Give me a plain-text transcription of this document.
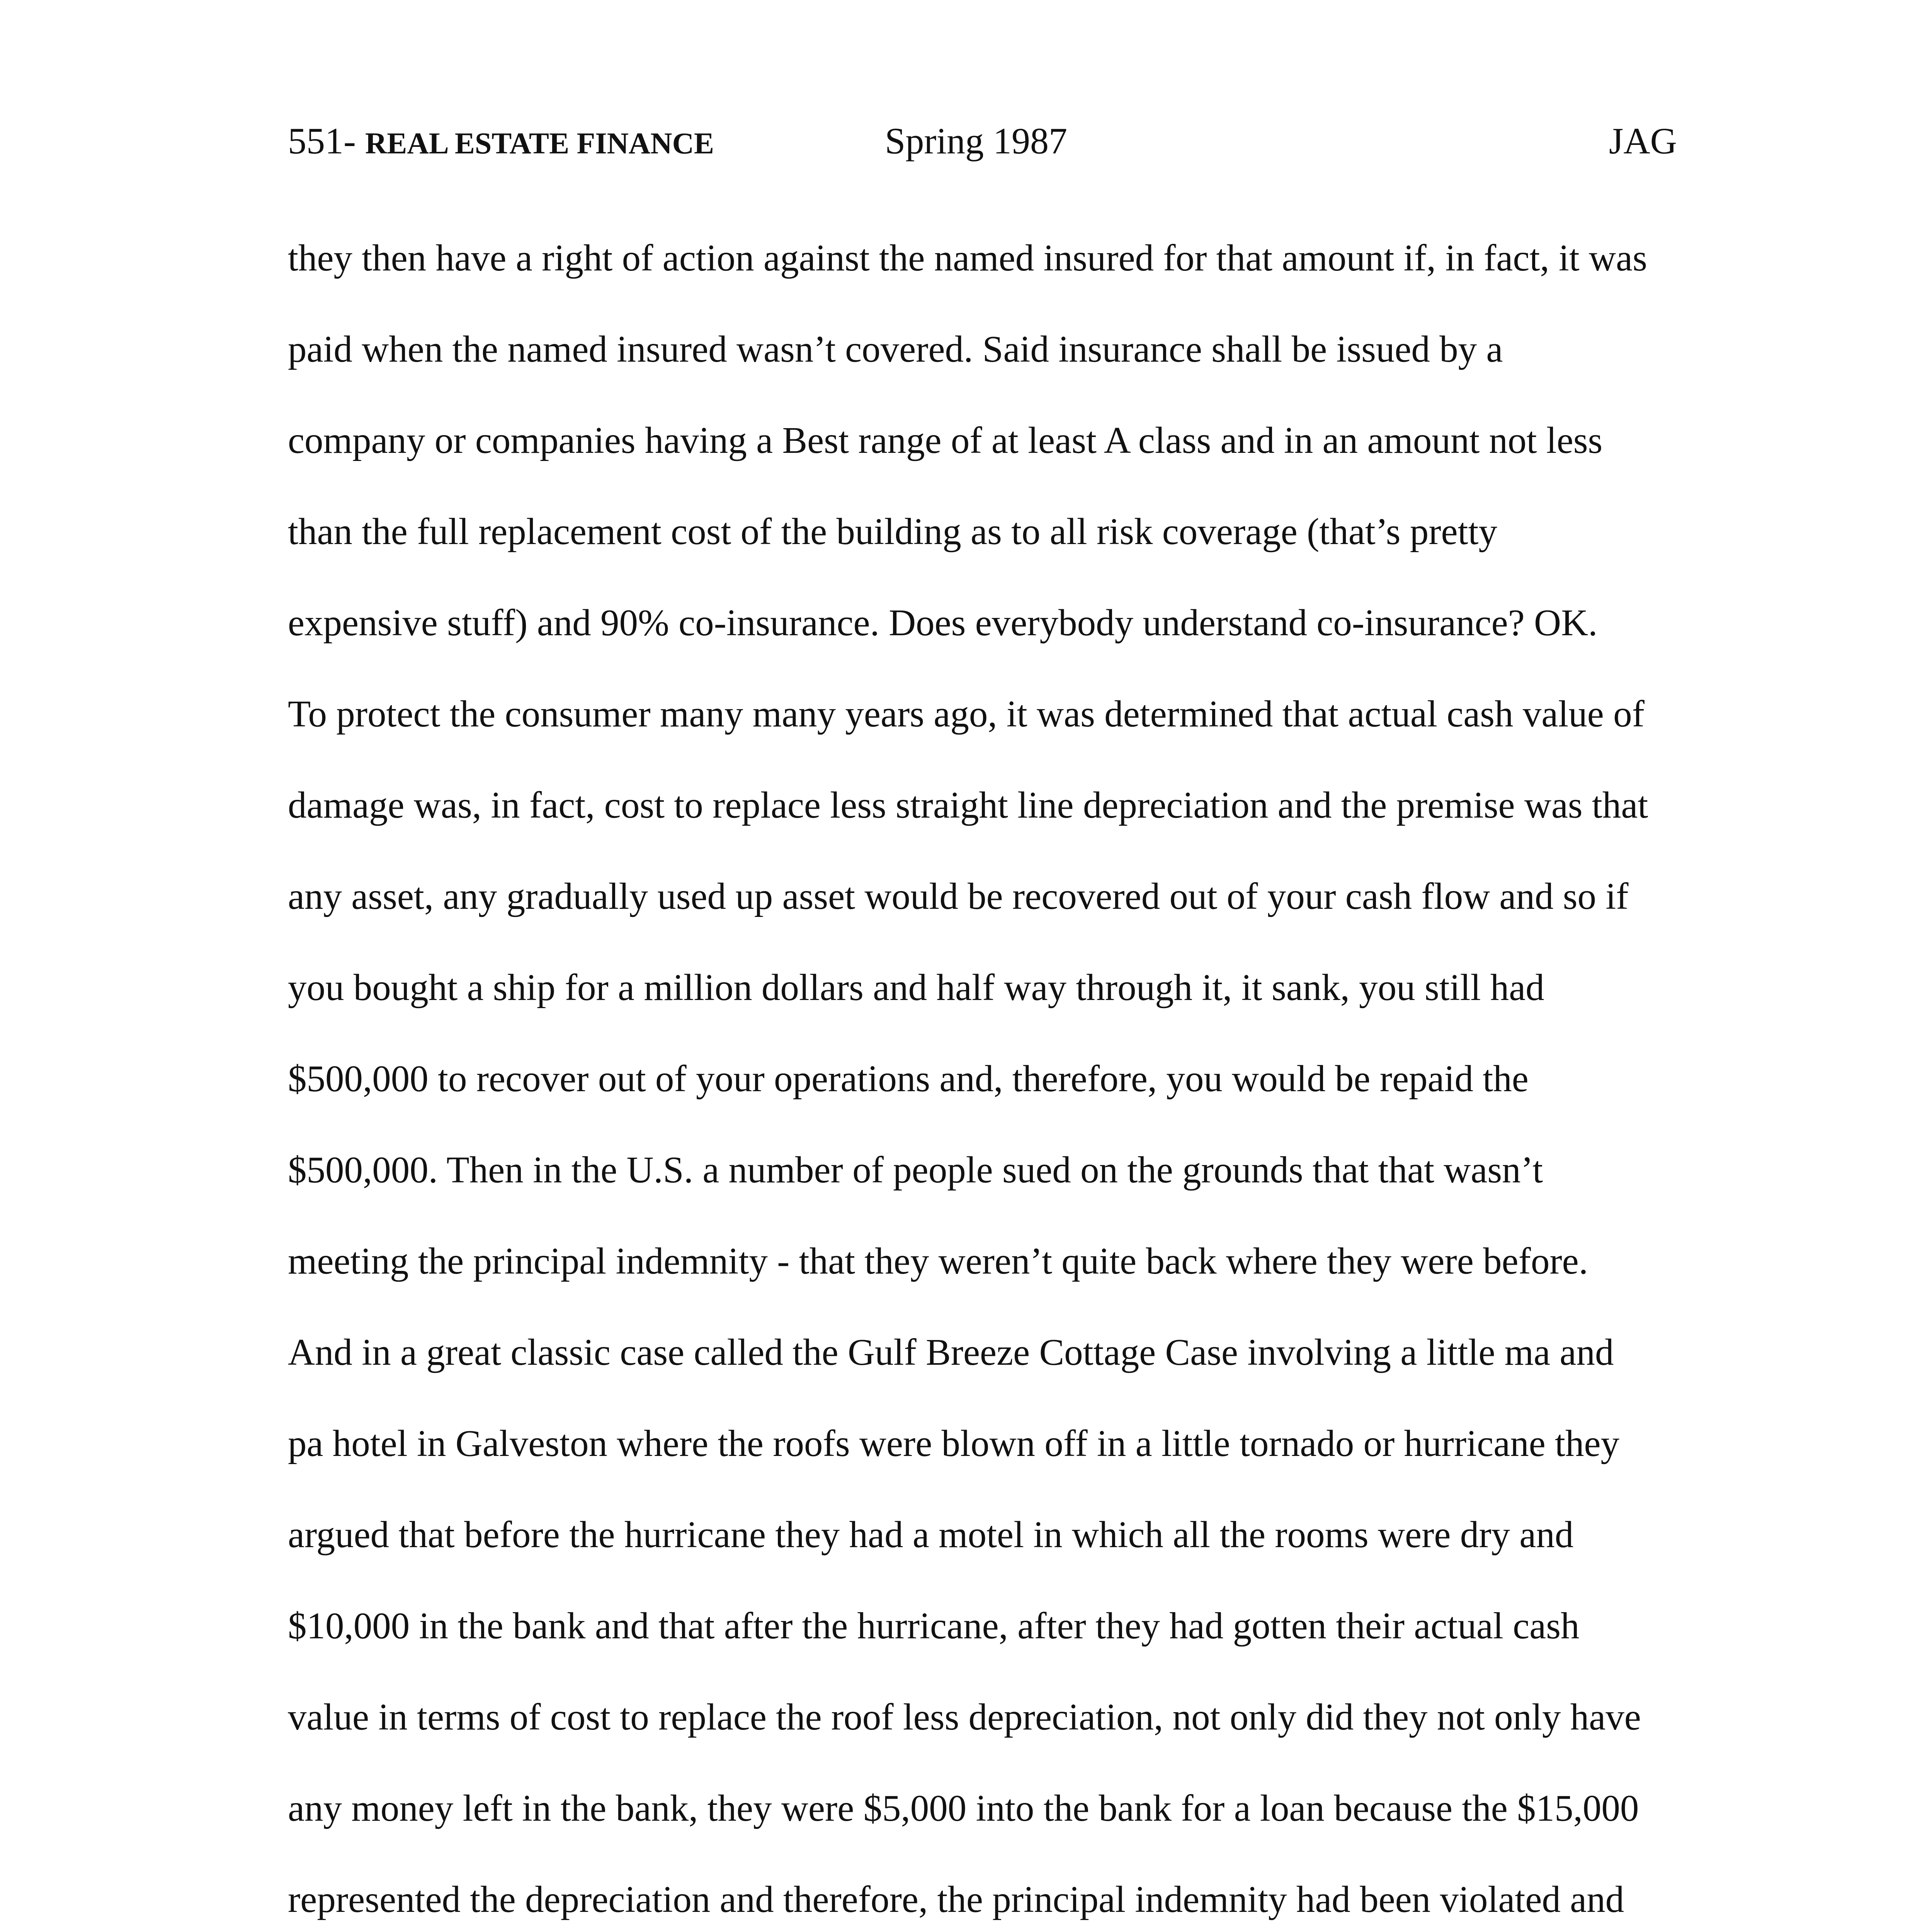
551- REAL ESTATE FINANCE	Spring 1987	JAG
they then have a right of action against the named insured for that amount if, in fact, it was
paid when the named insured wasn’t covered. Said insurance shall be issued by a
company or companies having a Best range of at least A class and in an amount not less
than the full replacement cost of the building as to all risk coverage (that’s pretty
expensive stuff) and 90% co-insurance. Does everybody understand co-insurance? OK.
To protect the consumer many many years ago, it was determined that actual cash value of
damage was, in fact, cost to replace less straight line depreciation and the premise was that
any asset, any gradually used up asset would be recovered out of your cash flow and so if
you bought a ship for a million dollars and half way through it, it sank, you still had
$500,000 to recover out of your operations and, therefore, you would be repaid the
$500,000. Then in the U.S. a number of people sued on the grounds that that wasn’t
meeting the principal indemnity - that they weren’t quite back where they were before.
And in a great classic case called the Gulf Breeze Cottage Case involving a little ma and
pa hotel in Galveston where the roofs were blown off in a little tornado or hurricane they
argued that before the hurricane they had a motel in which all the rooms were dry and
$10,000 in the bank and that after the hurricane, after they had gotten their actual cash
value in terms of cost to replace the roof less depreciation, not only did they not only have
any money left in the bank, they were $5,000 into the bank for a loan because the $15,000
represented the depreciation and therefore, the principal indemnity had been violated and
